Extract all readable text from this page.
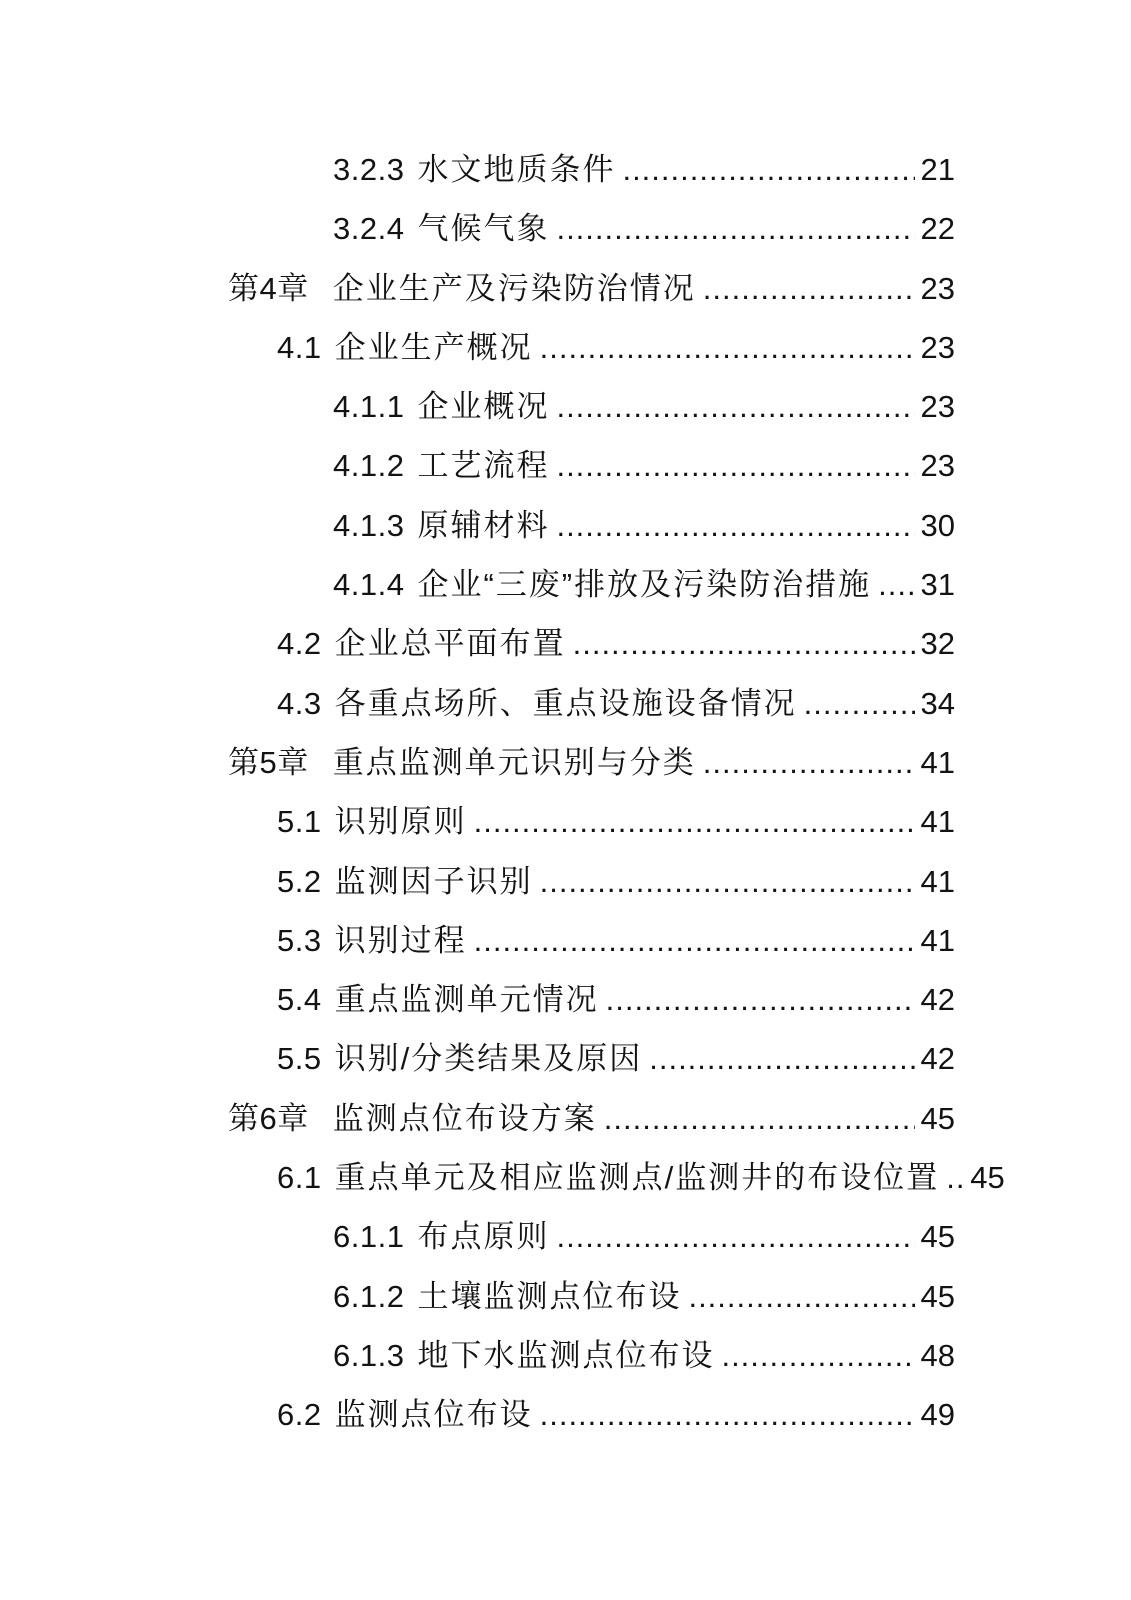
3.2.3 水文地质条件 .....	21
3.2.4 气候气象 .....	22
第4章 企业生产及污染防治情况 .....	23
4.1 企业生产概况 .....	23
4.1.1 企业概况 .....	23
4.1.2 工艺流程 .....	23
4.1.3 原辅材料 .....	30
4.1.4 企业“三废”排放及污染防治措施 ..... 31
4.2 企业总平面布置 .....	32
4.3 各重点场所、重点设施设备情况 .....	34
第5章 重点监测单元识别与分类 .....	41
5.1 识别原则 .....	41
5.2 监测因子识别 .....	41
5.3 识别过程 .....	41
5.4 重点监测单元情况 .....	42
5.5 识别/分类结果及原因 .....	42
第6章 监测点位布设方案 .....	45
6.1 重点单元及相应监测点/监测井的布设位置 ..... 45
6.1.1 布点原则 .....	45
6.1.2 土壤监测点位布设 .....	45
6.1.3 地下水监测点位布设 .....	48
6.2 监测点位布设 .....	49
